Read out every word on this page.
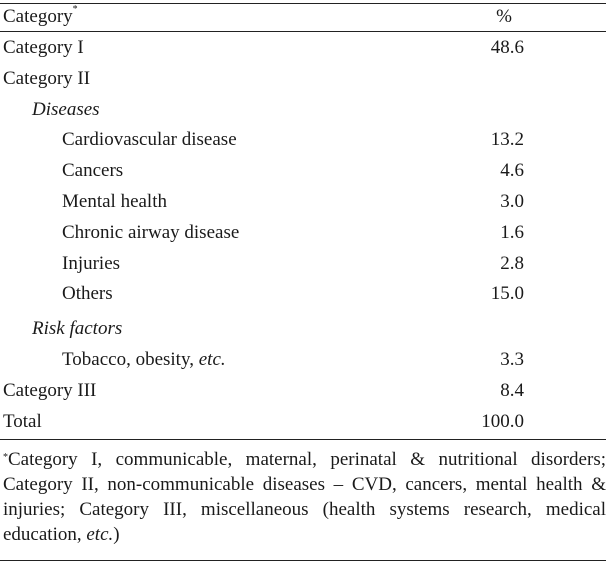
Category*	%
Category I	48.6
Category II
Diseases
Cardiovascular disease	13.2
Cancers	4.6
Mental health	3.0
Chronic airway disease	1.6
Injuries	2.8
Others	15.0
Risk factors
Tobacco, obesity, etc.	3.3
Category III	8.4
Total	100.0
*Category I, communicable, maternal, perinatal & nutritional disorders; Category II, non-communicable diseases – CVD, cancers, mental health & injuries; Category III, miscellaneous (health systems research, medical education, etc.)
